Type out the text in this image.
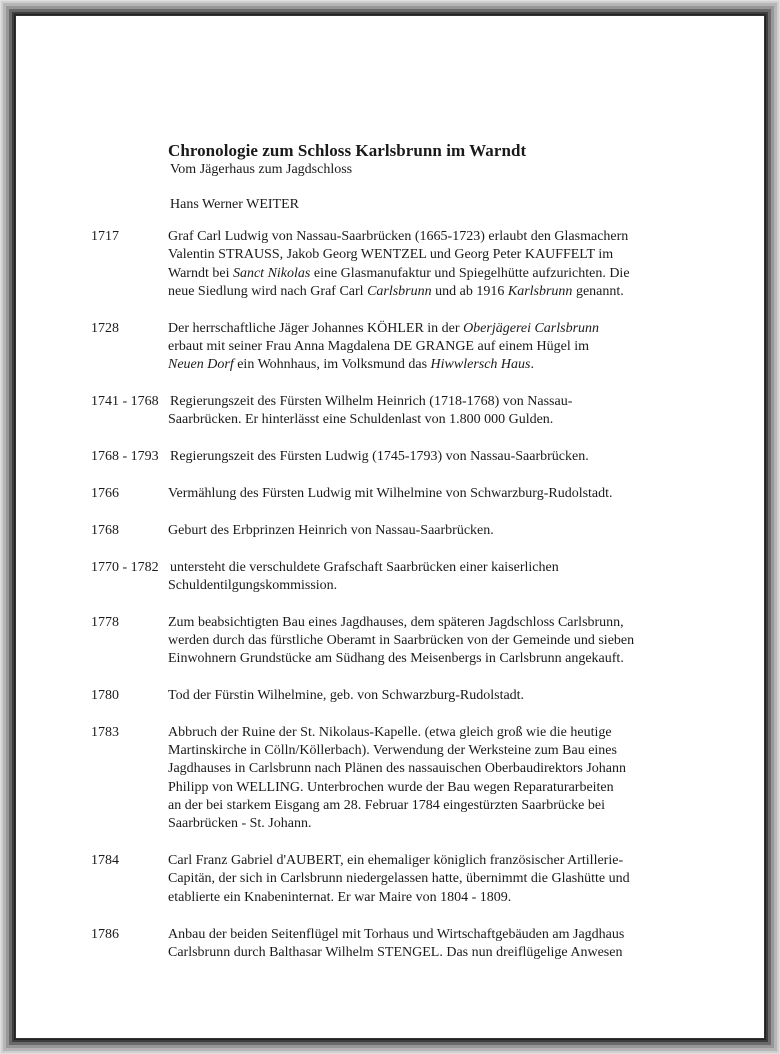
Chronologie zum Schloss Karlsbrunn im Warndt
Vom Jägerhaus zum Jagdschloss
Hans Werner WEITER
1717	Graf Carl Ludwig von Nassau-Saarbrücken (1665-1723) erlaubt den Glasmachern
Valentin STRAUSS, Jakob Georg WENTZEL und Georg Peter KAUFFELT im
Warndt bei Sanct Nikolas eine Glasmanufaktur und Spiegelhütte aufzurichten. Die
neue Siedlung wird nach Graf Carl Carlsbrunn und ab 1916 Karlsbrunn genannt.
1728	Der herrschaftliche Jäger Johannes KÖHLER in der Oberjägerei Carlsbrunn
erbaut mit seiner Frau Anna Magdalena DE GRANGE auf einem Hügel im
Neuen Dorf ein Wohnhaus, im Volksmund das Hiwwlersch Haus.
1741 - 1768 Regierungszeit des Fürsten Wilhelm Heinrich (1718-1768) von Nassau-
Saarbrücken. Er hinterlässt eine Schuldenlast von 1.800 000 Gulden.
1768 - 1793 Regierungszeit des Fürsten Ludwig (1745-1793) von Nassau-Saarbrücken.
1766	Vermählung des Fürsten Ludwig mit Wilhelmine von Schwarzburg-Rudolstadt.
1768	Geburt des Erbprinzen Heinrich von Nassau-Saarbrücken.
1770 - 1782 untersteht die verschuldete Grafschaft Saarbrücken einer kaiserlichen
Schuldentilgungskommission.
1778	Zum beabsichtigten Bau eines Jagdhauses, dem späteren Jagdschloss Carlsbrunn,
werden durch das fürstliche Oberamt in Saarbrücken von der Gemeinde und sieben
Einwohnern Grundstücke am Südhang des Meisenbergs in Carlsbrunn angekauft.
1780	Tod der Fürstin Wilhelmine, geb. von Schwarzburg-Rudolstadt.
1783	Abbruch der Ruine der St. Nikolaus-Kapelle. (etwa gleich groß wie die heutige
Martinskirche in Cölln/Köllerbach). Verwendung der Werksteine zum Bau eines
Jagdhauses in Carlsbrunn nach Plänen des nassauischen Oberbaudirektors Johann
Philipp von WELLING. Unterbrochen wurde der Bau wegen Reparaturarbeiten
an der bei starkem Eisgang am 28. Februar 1784 eingestürzten Saarbrücke bei
Saarbrücken - St. Johann.
1784	Carl Franz Gabriel d'AUBERT, ein ehemaliger königlich französischer Artillerie-
Capitän, der sich in Carlsbrunn niedergelassen hatte, übernimmt die Glashütte und
etablierte ein Knabeninternat. Er war Maire von 1804 - 1809.
1786	Anbau der beiden Seitenflügel mit Torhaus und Wirtschaftgebäuden am Jagdhaus
Carlsbrunn durch Balthasar Wilhelm STENGEL. Das nun dreiflügelige Anwesen
